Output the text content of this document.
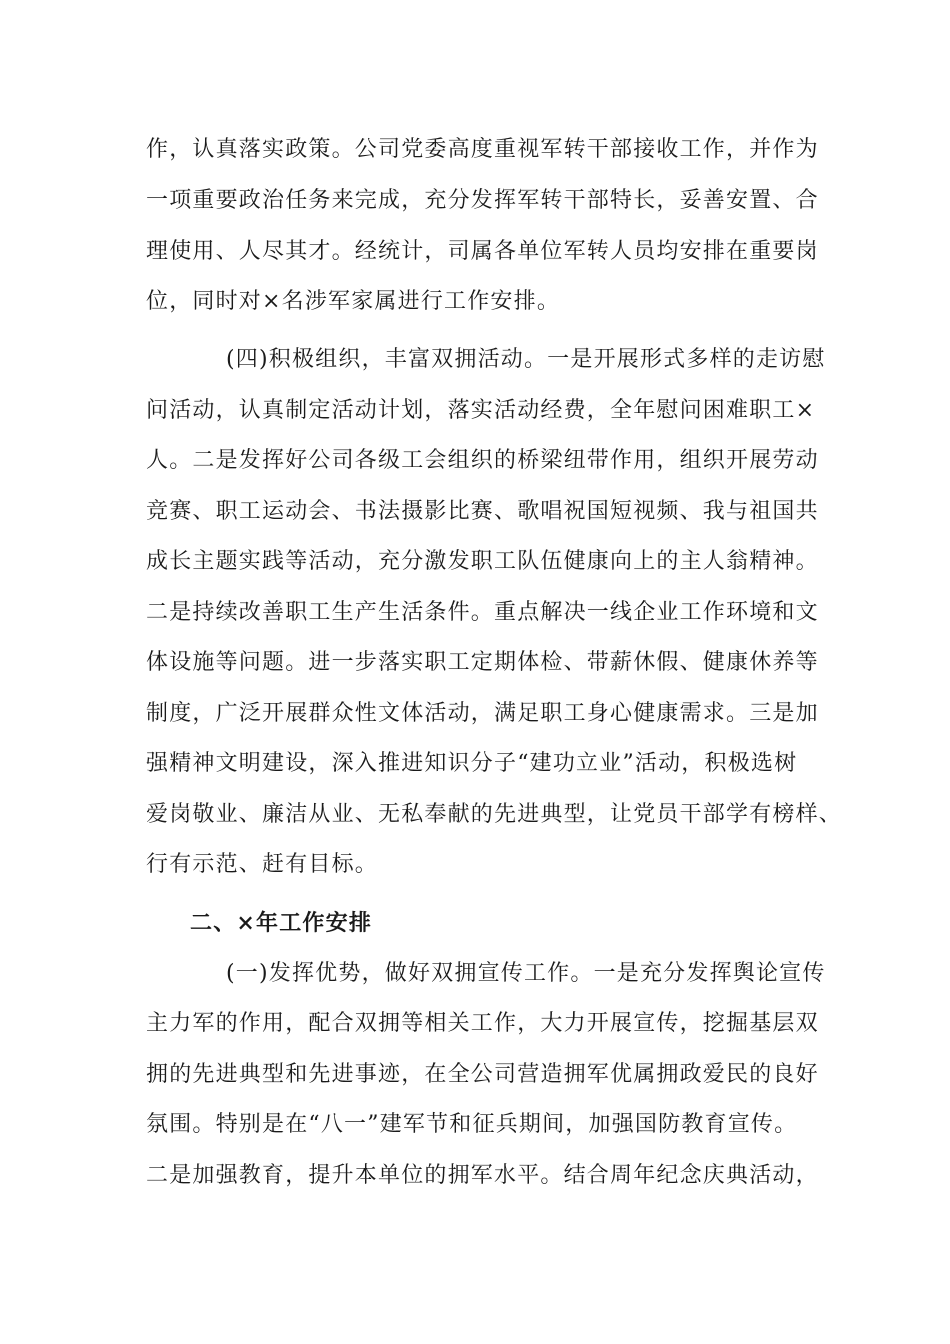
作，认真落实政策。公司党委高度重视军转干部接收工作，并作为

一项重要政治任务来完成，充分发挥军转干部特长，妥善安置、合

理使用、人尽其才。经统计，司属各单位军转人员均安排在重要岗

位，同时对×名涉军家属进行工作安排。

(四)积极组织，丰富双拥活动。一是开展形式多样的走访慰

问活动，认真制定活动计划，落实活动经费，全年慰问困难职工×

人。二是发挥好公司各级工会组织的桥梁纽带作用，组织开展劳动

竞赛、职工运动会、书法摄影比赛、歌唱祝国短视频、我与祖国共

成长主题实践等活动，充分激发职工队伍健康向上的主人翁精神。

二是持续改善职工生产生活条件。重点解决一线企业工作环境和文

体设施等问题。进一步落实职工定期体检、带薪休假、健康休养等

制度，广泛开展群众性文体活动，满足职工身心健康需求。三是加

强精神文明建设，深入推进知识分子“建功立业”活动，积极选树

爱岗敬业、廉洁从业、无私奉献的先进典型，让党员干部学有榜样、

行有示范、赶有目标。

二、×年工作安排

(一)发挥优势，做好双拥宣传工作。一是充分发挥舆论宣传

主力军的作用，配合双拥等相关工作，大力开展宣传，挖掘基层双

拥的先进典型和先进事迹，在全公司营造拥军优属拥政爱民的良好

氛围。特别是在“八一”建军节和征兵期间，加强国防教育宣传。

二是加强教育，提升本单位的拥军水平。结合周年纪念庆典活动，
